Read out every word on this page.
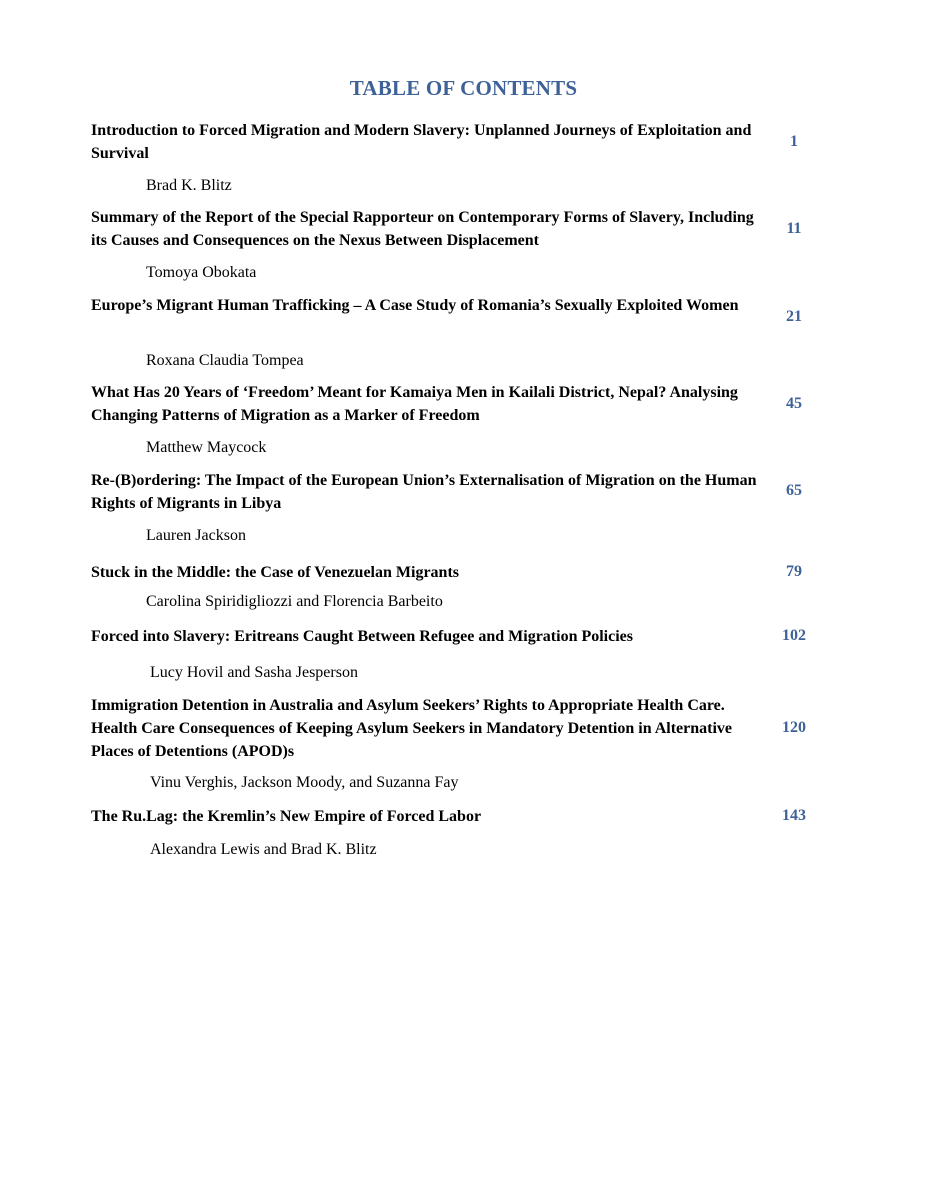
TABLE OF CONTENTS
Introduction to Forced Migration and Modern Slavery: Unplanned Journeys of Exploitation and Survival
1
Brad K. Blitz
Summary of the Report of the Special Rapporteur on Contemporary Forms of Slavery, Including its Causes and Consequences on the Nexus Between Displacement
11
Tomoya Obokata
Europe’s Migrant Human Trafficking – A Case Study of Romania’s Sexually Exploited Women
21
Roxana Claudia Tompea
What Has 20 Years of ‘Freedom’ Meant for Kamaiya Men in Kailali District, Nepal? Analysing Changing Patterns of Migration as a Marker of Freedom
45
Matthew Maycock
Re-(B)ordering: The Impact of the European Union’s Externalisation of Migration on the Human Rights of Migrants in Libya
65
Lauren Jackson
Stuck in the Middle: the Case of Venezuelan Migrants	79
Carolina Spiridigliozzi and Florencia Barbeito
Forced into Slavery: Eritreans Caught Between Refugee and Migration Policies	102
Lucy Hovil and Sasha Jesperson
Immigration Detention in Australia and Asylum Seekers’ Rights to Appropriate Health Care. Health Care Consequences of Keeping Asylum Seekers in Mandatory Detention in Alternative Places of Detentions (APOD)s
120
Vinu Verghis, Jackson Moody, and Suzanna Fay
The Ru.Lag: the Kremlin’s New Empire of Forced Labor	143
Alexandra Lewis and Brad K. Blitz
